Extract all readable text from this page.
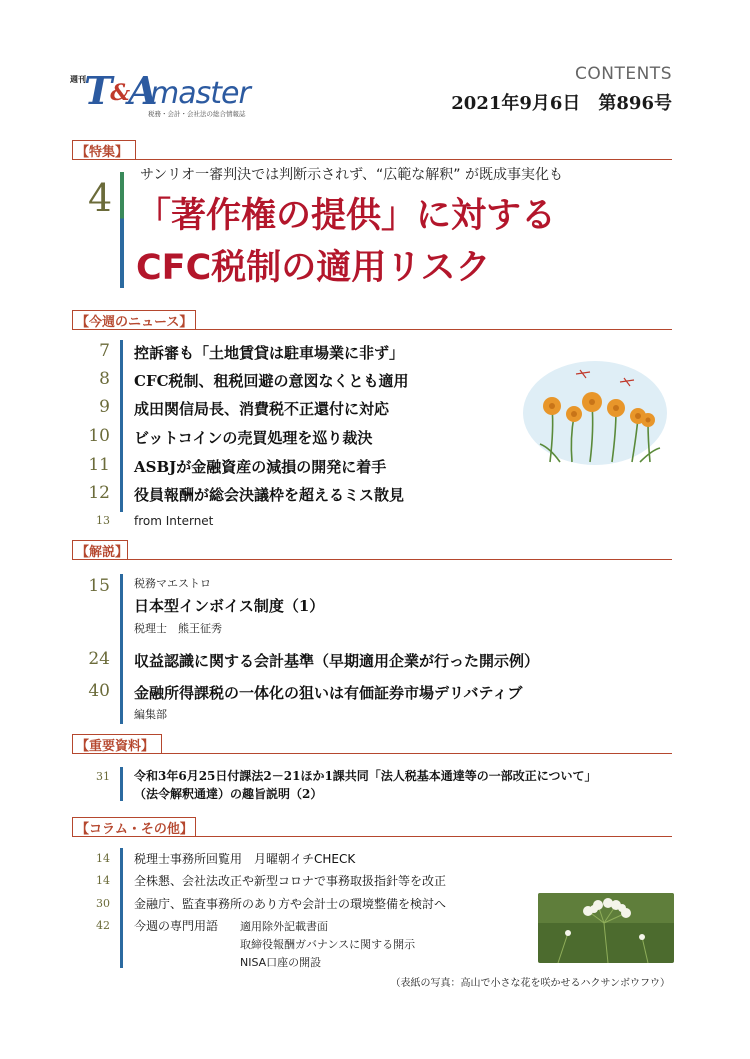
週刊
T&A
master
税務・会計・会社法の総合情報誌
CONTENTS
2021年9月6日　第896号
【特集】
4
サンリオ一審判決では判断示されず、“広範な解釈” が既成事実化も
「著作権の提供」に対する
CFC税制の適用リスク
【今週のニュース】
7 控訴審も「土地賃貸は駐車場業に非ず」
8 CFC税制、租税回避の意図なくとも適用
9 成田関信局長、消費税不正還付に対応
10 ビットコインの売買処理を巡り裁決
11 ASBJが金融資産の減損の開発に着手
12 役員報酬が総会決議枠を超えるミス散見
13 from Internet
【解説】
15 税務マエストロ
日本型インボイス制度（1）
税理士　熊王征秀
24 収益認識に関する会計基準（早期適用企業が行った開示例）
40 金融所得課税の一体化の狙いは有価証券市場デリバティブ
編集部
【重要資料】
31 令和3年6月25日付課法2－21ほか1課共同「法人税基本通達等の一部改正について」
（法令解釈通達）の趣旨説明（2）
【コラム・その他】
14 税理士事務所回覧用　月曜朝イチCHECK
14 全株懇、会社法改正や新型コロナで事務取扱指針等を改正
30 金融庁、監査事務所のあり方や会計士の環境整備を検討へ
42 今週の専門用語 適用除外記載書面
取締役報酬ガバナンスに関する開示
NISA口座の開設
（表紙の写真：高山で小さな花を咲かせるハクサンボウフウ）
